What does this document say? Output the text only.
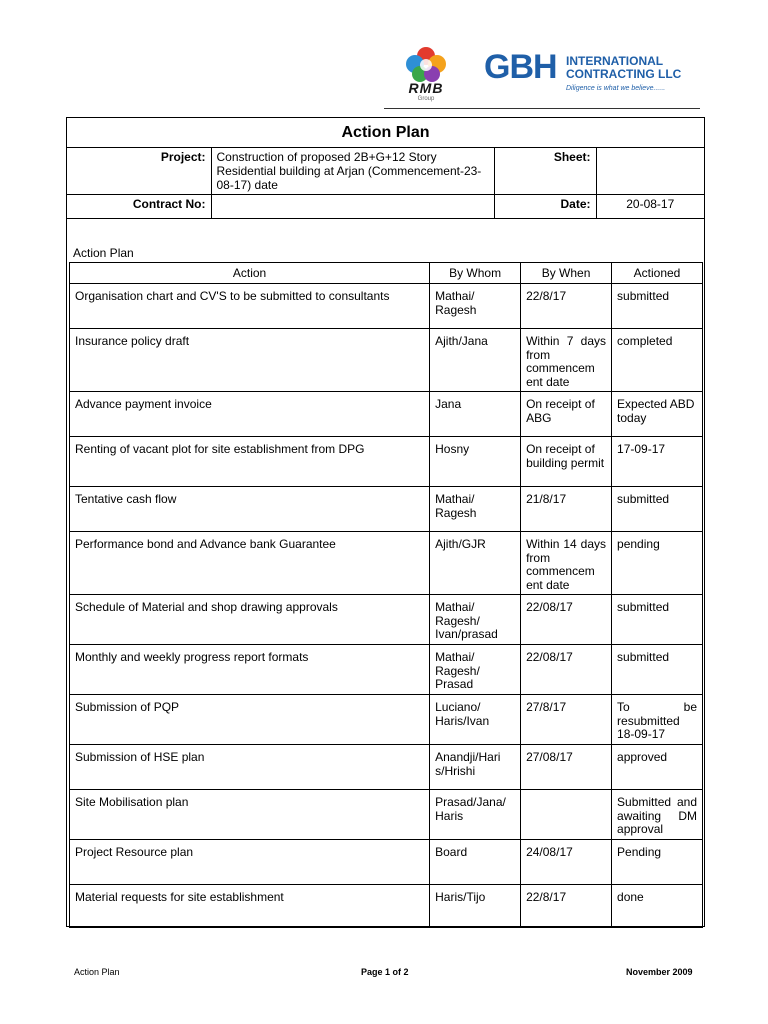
RMB
Group
GBH INTERNATIONAL
CONTRACTING LLC
Diligence is what we believe......
Action Plan
Project:	Construction of proposed 2B+G+12 Story Residential building at Arjan (Commencement-23-08-17) date	Sheet:	
Contract No:		Date:	20-08-17
Action Plan
Action	By Whom	By When	Actioned
Organisation chart and CV'S to be submitted to consultants	Mathai/ Ragesh	22/8/17	submitted
Insurance policy draft	Ajith/Jana	Within 7 days from commencem ent date	completed
Advance payment invoice	Jana	On receipt of ABG	Expected ABD today
Renting of vacant plot for site establishment from DPG	Hosny	On receipt of building permit	17-09-17
Tentative cash flow	Mathai/ Ragesh	21/8/17	submitted
Performance bond and Advance bank Guarantee	Ajith/GJR	Within 14 days from commencem ent date	pending
Schedule of Material and shop drawing approvals	Mathai/ Ragesh/ Ivan/prasad	22/08/17	submitted
Monthly and weekly progress report formats	Mathai/ Ragesh/ Prasad	22/08/17	submitted
Submission of PQP	Luciano/ Haris/Ivan	27/8/17	To be resubmitted 18-09-17
Submission of HSE plan	Anandji/Hari s/Hrishi	27/08/17	approved
Site Mobilisation plan	Prasad/Jana/ Haris		Submitted and awaiting DM approval
Project Resource plan	Board	24/08/17	Pending
Material requests for site establishment	Haris/Tijo	22/8/17	done
Action Plan	Page 1 of 2	November 2009
